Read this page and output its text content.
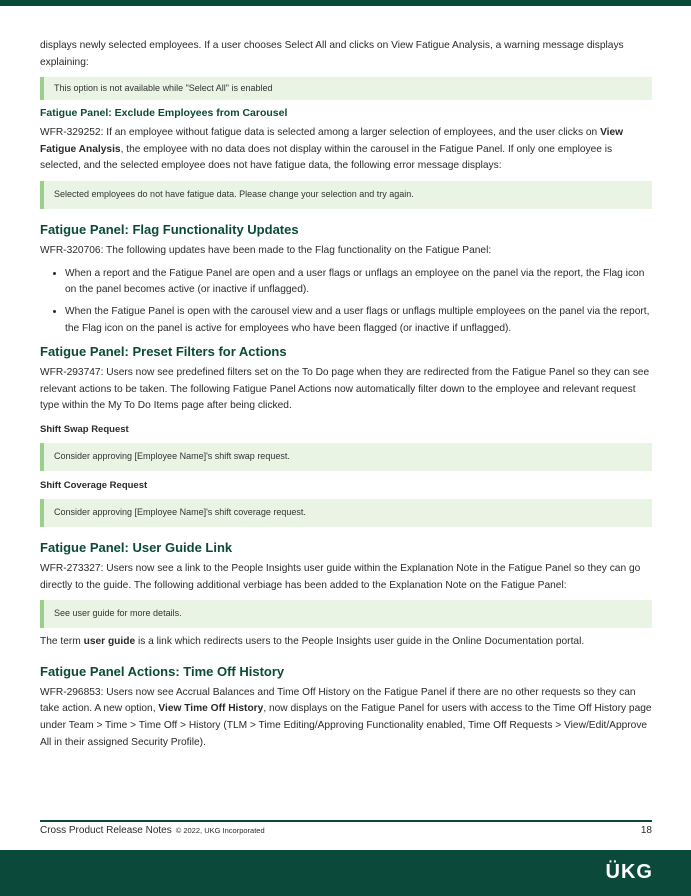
displays newly selected employees. If a user chooses Select All and clicks on View Fatigue Analysis, a warning message displays explaining:

This option is not available while "Select All" is enabled
Fatigue Panel: Exclude Employees from Carousel

WFR-329252: If an employee without fatigue data is selected among a larger selection of employees, and the user clicks on View Fatigue Analysis, the employee with no data does not display within the carousel in the Fatigue Panel. If only one employee is selected, and the selected employee does not have fatigue data, the following error message displays:

Selected employees do not have fatigue data. Please change your selection and try again.
Fatigue Panel: Flag Functionality Updates

WFR-320706: The following updates have been made to the Flag functionality on the Fatigue Panel:

• When a report and the Fatigue Panel are open and a user flags or unflags an employee on the panel via the report, the Flag icon on the panel becomes active (or inactive if unflagged).
• When the Fatigue Panel is open with the carousel view and a user flags or unflags multiple employees on the panel via the report, the Flag icon on the panel is active for employees who have been flagged (or inactive if unflagged).
Fatigue Panel: Preset Filters for Actions

WFR-293747: Users now see predefined filters set on the To Do page when they are redirected from the Fatigue Panel so they can see relevant actions to be taken. The following Fatigue Panel Actions now automatically filter down to the employee and relevant request type within the My To Do Items page after being clicked.

Shift Swap Request
Consider approving [Employee Name]'s shift swap request.
Shift Coverage Request
Consider approving [Employee Name]'s shift coverage request.
Fatigue Panel: User Guide Link

WFR-273327: Users now see a link to the People Insights user guide within the Explanation Note in the Fatigue Panel so they can go directly to the guide. The following additional verbiage has been added to the Explanation Note on the Fatigue Panel:

See user guide for more details.

The term user guide is a link which redirects users to the People Insights user guide in the Online Documentation portal.

Fatigue Panel Actions: Time Off History

WFR-296853: Users now see Accrual Balances and Time Off History on the Fatigue Panel if there are no other requests so they can take action. A new option, View Time Off History, now displays on the Fatigue Panel for users with access to the Time Off History page under Team > Time > Time Off > History (TLM > Time Editing/Approving Functionality enabled, Time Off Requests > View/Edit/Approve All in their assigned Security Profile).

Cross Product Release Notes © 2022, UKG Incorporated	18
ÜKG
